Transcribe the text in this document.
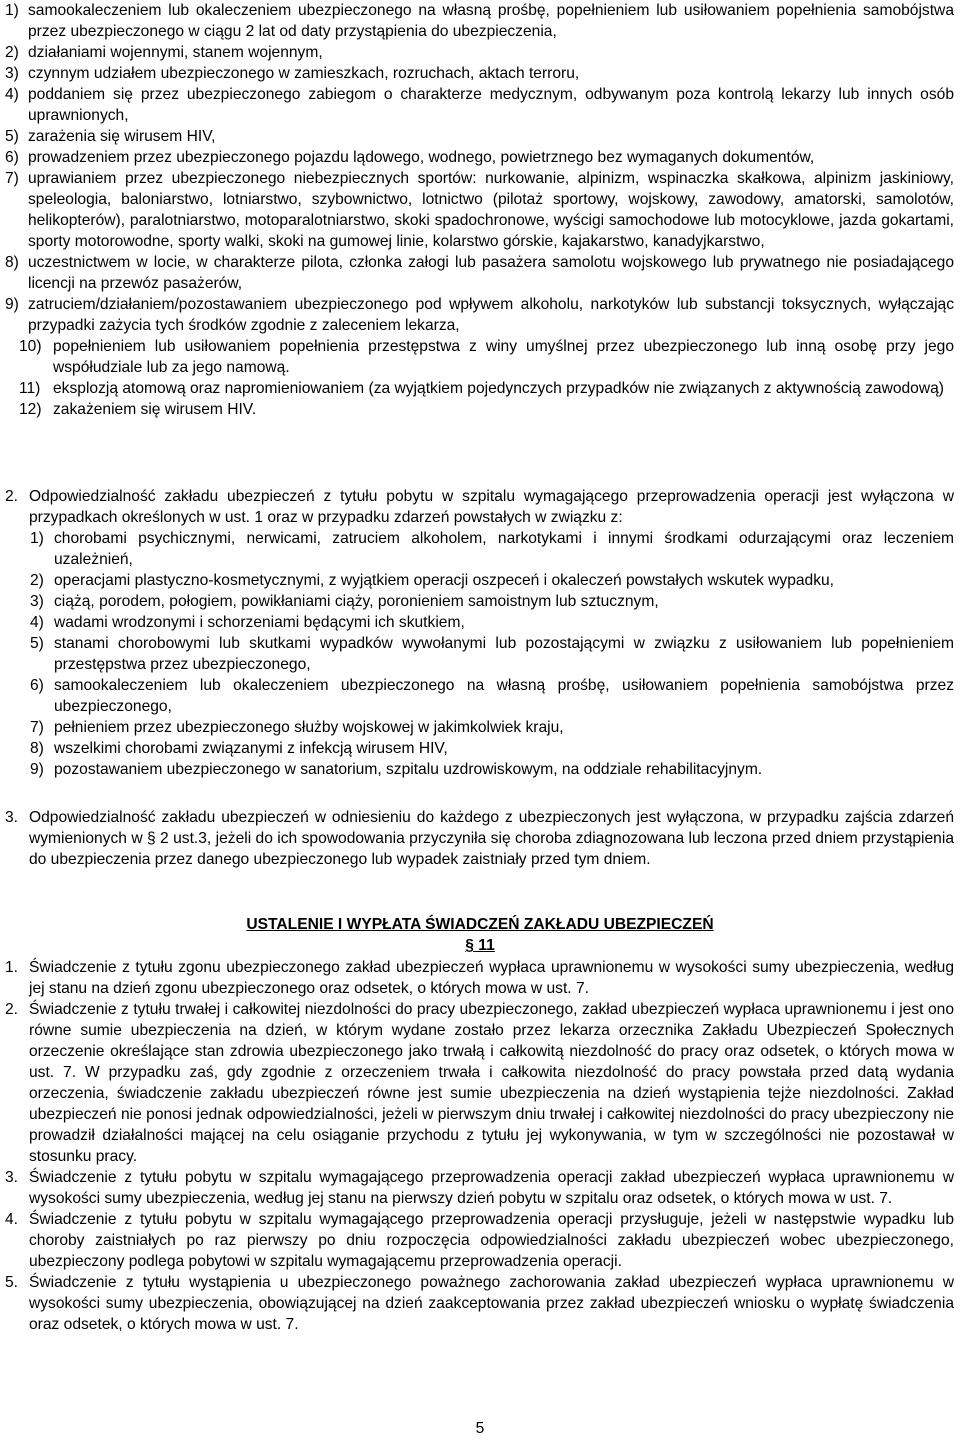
1) samookaleczeniem lub okaleczeniem ubezpieczonego na własną prośbę, popełnieniem lub usiłowaniem popełnienia samobójstwa przez ubezpieczonego w ciągu 2 lat od daty przystąpienia do ubezpieczenia,
2) działaniami wojennymi, stanem wojennym,
3) czynnym udziałem ubezpieczonego w zamieszkach, rozruchach, aktach terroru,
4) poddaniem się przez ubezpieczonego zabiegom o charakterze medycznym, odbywanym poza kontrolą lekarzy lub innych osób uprawnionych,
5) zarażenia się wirusem HIV,
6) prowadzeniem przez ubezpieczonego pojazdu lądowego, wodnego, powietrznego bez wymaganych dokumentów,
7) uprawianiem przez ubezpieczonego niebezpiecznych sportów: nurkowanie, alpinizm, wspinaczka skałkowa, alpinizm jaskiniowy, speleologia, baloniarstwo, lotniarstwo, szybownictwo, lotnictwo (pilotaż sportowy, wojskowy, zawodowy, amatorski, samolotów, helikopterów), paralotniarstwo, motoparalotniarstwo, skoki spadochronowe, wyścigi samochodowe lub motocyklowe, jazda gokartami, sporty motorowodne, sporty walki, skoki na gumowej linie, kolarstwo górskie, kajakarstwo, kanadyjkarstwo,
8) uczestnictwem w locie, w charakterze pilota, członka załogi lub pasażera samolotu wojskowego lub prywatnego nie posiadającego licencji na przewóz pasażerów,
9) zatruciem/działaniem/pozostawaniem ubezpieczonego pod wpływem alkoholu, narkotyków lub substancji toksycznych, wyłączając przypadki zażycia tych środków zgodnie z zaleceniem lekarza,
10) popełnieniem lub usiłowaniem popełnienia przestępstwa z winy umyślnej przez ubezpieczonego lub inną osobę przy jego współudziale lub za jego namową.
11) eksplozją atomową oraz napromieniowaniem (za wyjątkiem pojedynczych przypadków nie związanych z aktywnością zawodową)
12) zakażeniem się wirusem HIV.
2. Odpowiedzialność zakładu ubezpieczeń z tytułu pobytu w szpitalu wymagającego przeprowadzenia operacji jest wyłączona w przypadkach określonych w ust. 1 oraz w przypadku zdarzeń powstałych w związku z:
1) chorobami psychicznymi, nerwicami, zatruciem alkoholem, narkotykami i innymi środkami odurzającymi oraz leczeniem uzależnień,
2) operacjami plastyczno-kosmetycznymi, z wyjątkiem operacji oszpeceń i okaleczeń powstałych wskutek wypadku,
3) ciążą, porodem, połogiem, powikłaniami ciąży, poronieniem samoistnym lub sztucznym,
4) wadami wrodzonymi i schorzeniami będącymi ich skutkiem,
5) stanami chorobowymi lub skutkami wypadków wywołanymi lub pozostającymi w związku z usiłowaniem lub popełnieniem przestępstwa przez ubezpieczonego,
6) samookaleczeniem lub okaleczeniem ubezpieczonego na własną prośbę, usiłowaniem popełnienia samobójstwa przez ubezpieczonego,
7) pełnieniem przez ubezpieczonego służby wojskowej w jakimkolwiek kraju,
8) wszelkimi chorobami związanymi z infekcją wirusem HIV,
9) pozostawaniem ubezpieczonego w sanatorium, szpitalu uzdrowiskowym, na oddziale rehabilitacyjnym.
3. Odpowiedzialność zakładu ubezpieczeń w odniesieniu do każdego z ubezpieczonych jest wyłączona, w przypadku zajścia zdarzeń wymienionych w § 2 ust.3, jeżeli do ich spowodowania przyczyniła się choroba zdiagnozowana lub leczona przed dniem przystąpienia do ubezpieczenia przez danego ubezpieczonego lub wypadek zaistniały przed tym dniem.
USTALENIE I WYPŁATA ŚWIADCZEŃ ZAKŁADU UBEZPIECZEŃ
§ 11
1. Świadczenie z tytułu zgonu ubezpieczonego zakład ubezpieczeń wypłaca uprawnionemu w wysokości sumy ubezpieczenia, według jej stanu na dzień zgonu ubezpieczonego oraz odsetek, o których mowa w ust. 7.
2. Świadczenie z tytułu trwałej i całkowitej niezdolności do pracy ubezpieczonego, zakład ubezpieczeń wypłaca uprawnionemu i jest ono równe sumie ubezpieczenia na dzień, w którym wydane zostało przez lekarza orzecznika Zakładu Ubezpieczeń Społecznych orzeczenie określające stan zdrowia ubezpieczonego jako trwałą i całkowitą niezdolność do pracy oraz odsetek, o których mowa w ust. 7. W przypadku zaś, gdy zgodnie z orzeczeniem trwała i całkowita niezdolność do pracy powstała przed datą wydania orzeczenia, świadczenie zakładu ubezpieczeń równe jest sumie ubezpieczenia na dzień wystąpienia tejże niezdolności. Zakład ubezpieczeń nie ponosi jednak odpowiedzialności, jeżeli w pierwszym dniu trwałej i całkowitej niezdolności do pracy ubezpieczony nie prowadził działalności mającej na celu osiąganie przychodu z tytułu jej wykonywania, w tym w szczególności nie pozostawał w stosunku pracy.
3. Świadczenie z tytułu pobytu w szpitalu wymagającego przeprowadzenia operacji zakład ubezpieczeń wypłaca uprawnionemu w wysokości sumy ubezpieczenia, według jej stanu na pierwszy dzień pobytu w szpitalu oraz odsetek, o których mowa w ust. 7.
4. Świadczenie z tytułu pobytu w szpitalu wymagającego przeprowadzenia operacji przysługuje, jeżeli w następstwie wypadku lub choroby zaistniałych po raz pierwszy po dniu rozpoczęcia odpowiedzialności zakładu ubezpieczeń wobec ubezpieczonego, ubezpieczony podlega pobytowi w szpitalu wymagającemu przeprowadzenia operacji.
5. Świadczenie z tytułu wystąpienia u ubezpieczonego poważnego zachorowania zakład ubezpieczeń wypłaca uprawnionemu w wysokości sumy ubezpieczenia, obowiązującej na dzień zaakceptowania przez zakład ubezpieczeń wniosku o wypłatę świadczenia oraz odsetek, o których mowa w ust. 7.
5
